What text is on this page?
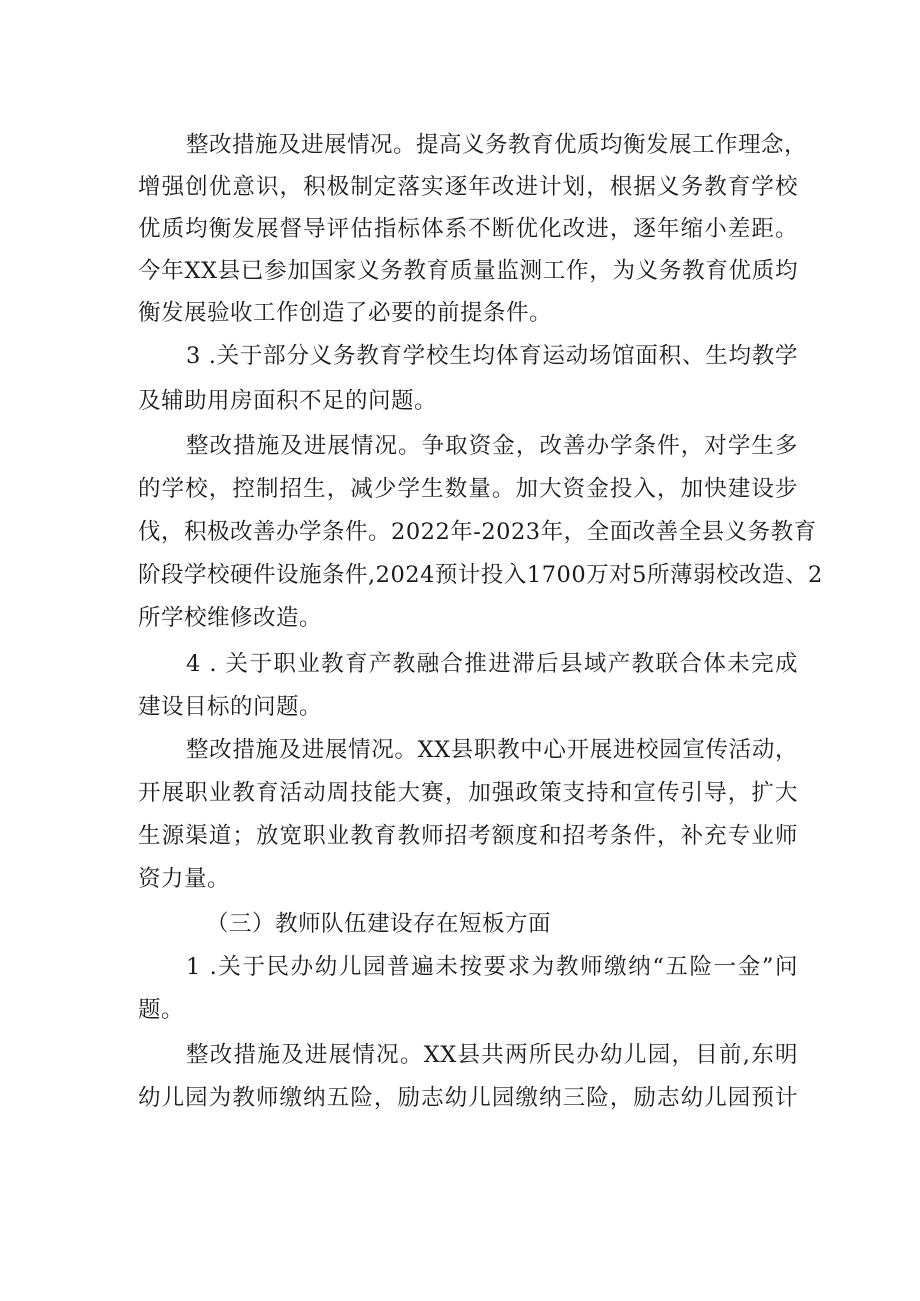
整改措施及进展情况。提高义务教育优质均衡发展工作理念，
增强创优意识，积极制定落实逐年改进计划，根据义务教育学校
优质均衡发展督导评估指标体系不断优化改进，逐年缩小差距。
今年XX县已参加国家义务教育质量监测工作，为义务教育优质均
衡发展验收工作创造了必要的前提条件。
3 .关于部分义务教育学校生均体育运动场馆面积、生均教学
及辅助用房面积不足的问题。
整改措施及进展情况。争取资金，改善办学条件，对学生多
的学校，控制招生，减少学生数量。加大资金投入，加快建设步
伐，积极改善办学条件。2022年-2023年，全面改善全县义务教育
阶段学校硬件设施条件,2024预计投入1700万对5所薄弱校改造、2
所学校维修改造。
4 . 关于职业教育产教融合推进滞后县域产教联合体未完成
建设目标的问题。
整改措施及进展情况。XX县职教中心开展进校园宣传活动，
开展职业教育活动周技能大赛，加强政策支持和宣传引导，扩大
生源渠道；放宽职业教育教师招考额度和招考条件，补充专业师
资力量。
（三）教师队伍建设存在短板方面
1 .关于民办幼儿园普遍未按要求为教师缴纳“五险一金”问
题。
整改措施及进展情况。XX县共两所民办幼儿园，目前,东明
幼儿园为教师缴纳五险，励志幼儿园缴纳三险，励志幼儿园预计
